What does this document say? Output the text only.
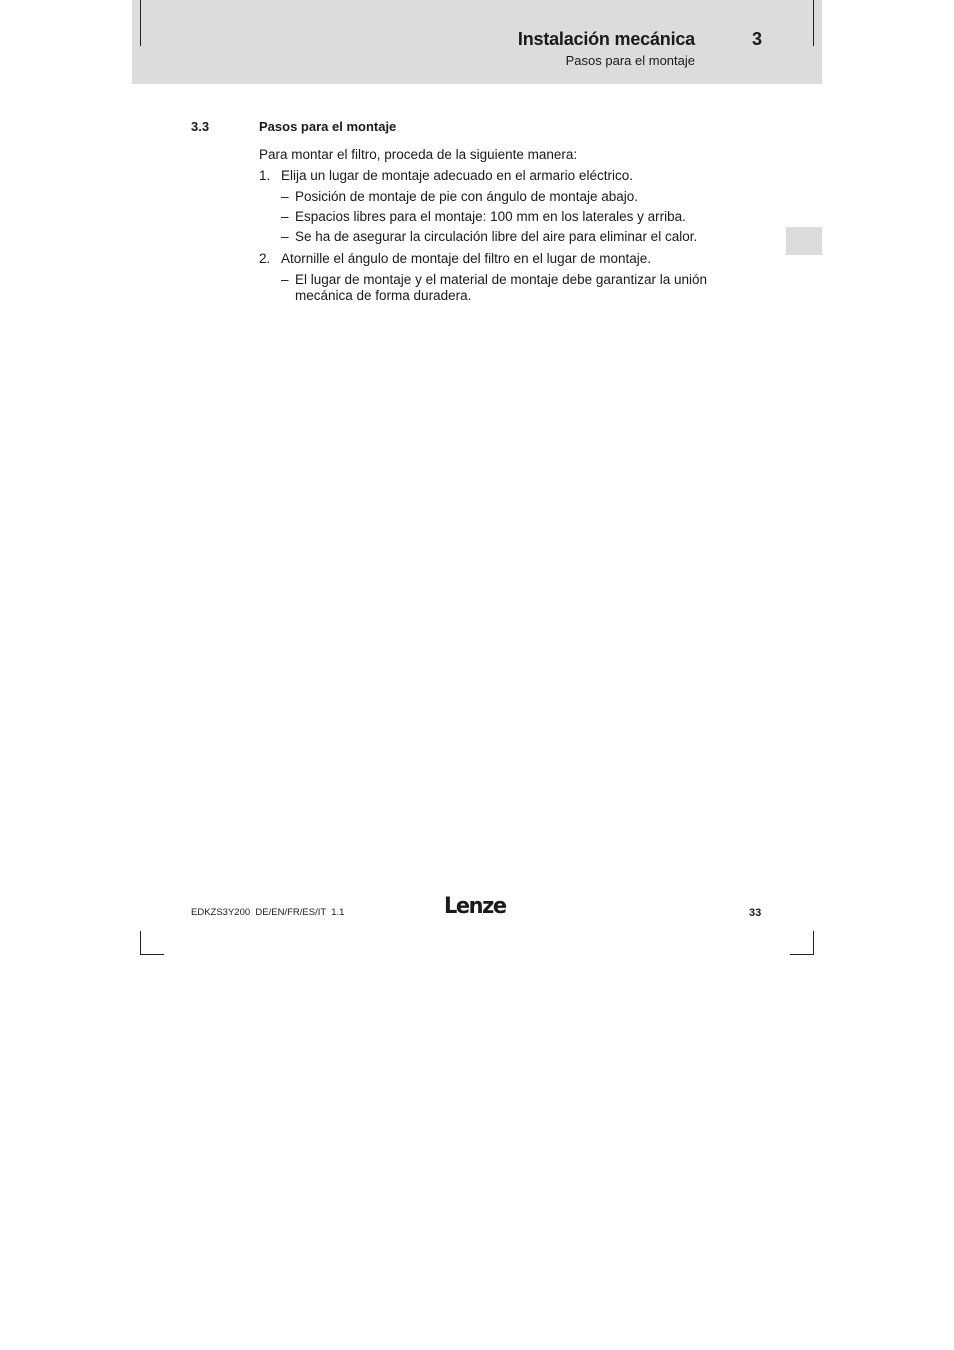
Instalación mecánica	3
Pasos para el montaje
3.3	Pasos para el montaje

Para montar el filtro, proceda de la siguiente manera:

1. Elija un lugar de montaje adecuado en el armario eléctrico.
– Posición de montaje de pie con ángulo de montaje abajo.
– Espacios libres para el montaje: 100 mm en los laterales y arriba.
– Se ha de asegurar la circulación libre del aire para eliminar el calor.
2. Atornille el ángulo de montaje del filtro en el lugar de montaje.
– El lugar de montaje y el material de montaje debe garantizar la unión mecánica de forma duradera.
EDKZS3Y200  DE/EN/FR/ES/IT  1.1	Lenze	33
